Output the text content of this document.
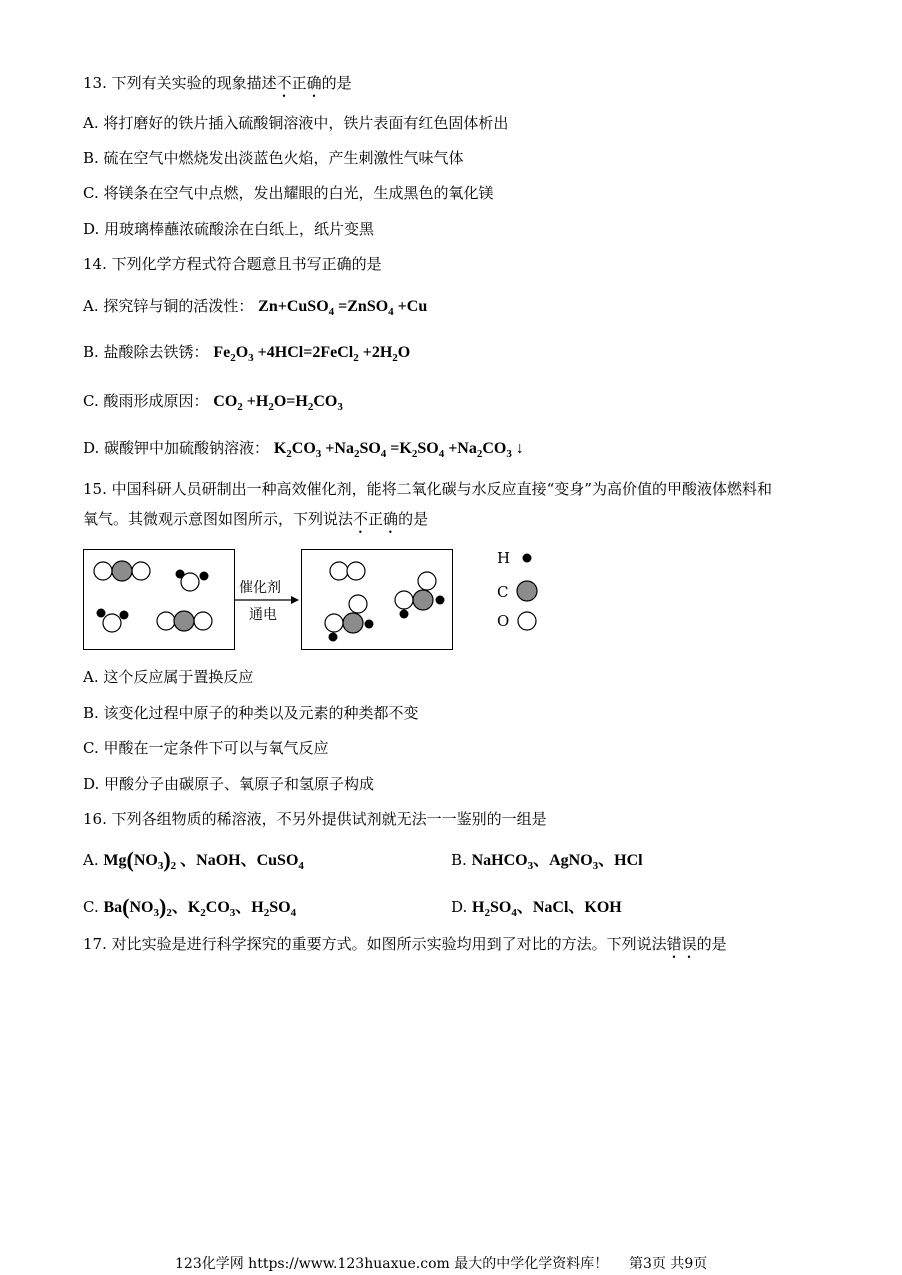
13. 下列有关实验的现象描述不正确的是
A. 将打磨好的铁片插入硫酸铜溶液中，铁片表面有红色固体析出
B. 硫在空气中燃烧发出淡蓝色火焰，产生刺激性气味气体
C. 将镁条在空气中点燃，发出耀眼的白光，生成黑色的氧化镁
D. 用玻璃棒蘸浓硫酸涂在白纸上，纸片变黑
14. 下列化学方程式符合题意且书写正确的是
A. 探究锌与铜的活泼性： Zn+CuSO$_4$ =ZnSO$_4$ +Cu
B. 盐酸除去铁锈： $Fe_2O_3$ +4HCl=2FeCl$_2$ $+2H_2O$
C. 酸雨形成原因： $CO_2 +H_2O=H_2CO_3$
D. 碳酸钾中加硫酸钠溶液： $K_2CO_3 +Na_2SO_4 =K_2SO_4 +Na_2CO_3$ ↓
15. 中国科研人员研制出一种高效催化剂，能将二氧化碳与水反应直接“变身”为高价值的甲酸液体燃料和
氧气。其微观示意图如图所示，下列说法不正确的是
催化剂
通电
H
C
O
A. 这个反应属于置换反应
B. 该变化过程中原子的种类以及元素的种类都不变
C. 甲酸在一定条件下可以与氧气反应
D. 甲酸分子由碳原子、氧原子和氢原子构成
16. 下列各组物质的稀溶液，不另外提供试剂就无法一一鉴别的一组是
A. $Mg(NO_3)_2$ 、NaOH、CuSO$_4$	B. NaHCO$_3$、AgNO$_3$、HCl
C. $Ba(NO_3)_2$、$K_2CO_3$、$H_2SO_4$	D. $H_2SO_4$、NaCl、KOH
17. 对比实验是进行科学探究的重要方式。如图所示实验均用到了对比的方法。下列说法错误的是
123化学网 https://www.123huaxue.com 最大的中学化学资料库！ 第3页 共9页
